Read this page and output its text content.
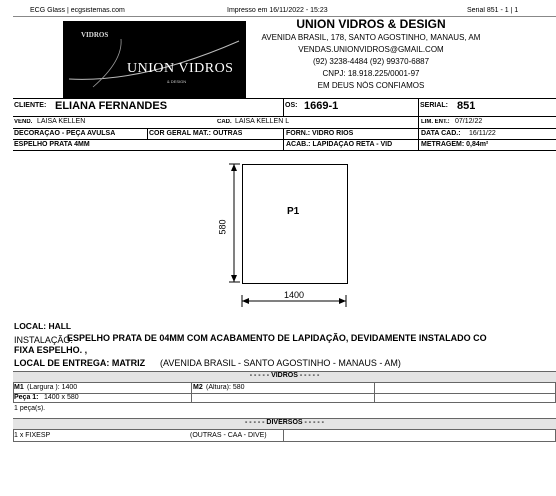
ECG Glass | ecgsistemas.com	Impresso em 16/11/2022 - 15:23	Serial 851 - 1 | 1
VIDROS
UNION VIDROS
& DESIGN
UNION VIDROS & DESIGN
AVENIDA BRASIL, 178, SANTO AGOSTINHO, MANAUS, AM
VENDAS.UNIONVIDROS@GMAIL.COM
(92) 3238-4484 (92) 99370-6887
CNPJ: 18.918.225/0001-97
EM DEUS NÓS CONFIAMOS
CLIENTE: ELIANA FERNANDES	OS: 1669-1	SERIAL: 851
VEND. LAÍSA KELLEN	CAD. LAÍSA KELLEN L	LIM. ENT.: 07/12/22
DECORAÇÃO - PEÇA AVULSA	COR GERAL MAT.: OUTRAS	FORN.: VIDRO RIOS	DATA CAD.: 16/11/22
ESPELHO PRATA 4MM	ACAB.: LAPIDAÇÃO RETA - VID	METRAGEM: 0,84m²
P1
580
1400
LOCAL: HALL
INSTALAÇÃO:
ESPELHO PRATA DE 04MM COM ACABAMENTO DE LAPIDAÇÃO, DEVIDAMENTE INSTALADO CO
FIXA ESPELHO. ,
LOCAL DE ENTREGA: MATRIZ (AVENIDA BRASIL - SANTO AGOSTINHO - MANAUS - AM)
- - - - - VIDROS - - - - -
M1 (Largura ): 1400	M2 (Altura): 580
Peça 1: 1400 x 580
1 peça(s).
- - - - - DIVERSOS - - - - -
1 x FIXESP	(OUTRAS - CAA - DIVE)
